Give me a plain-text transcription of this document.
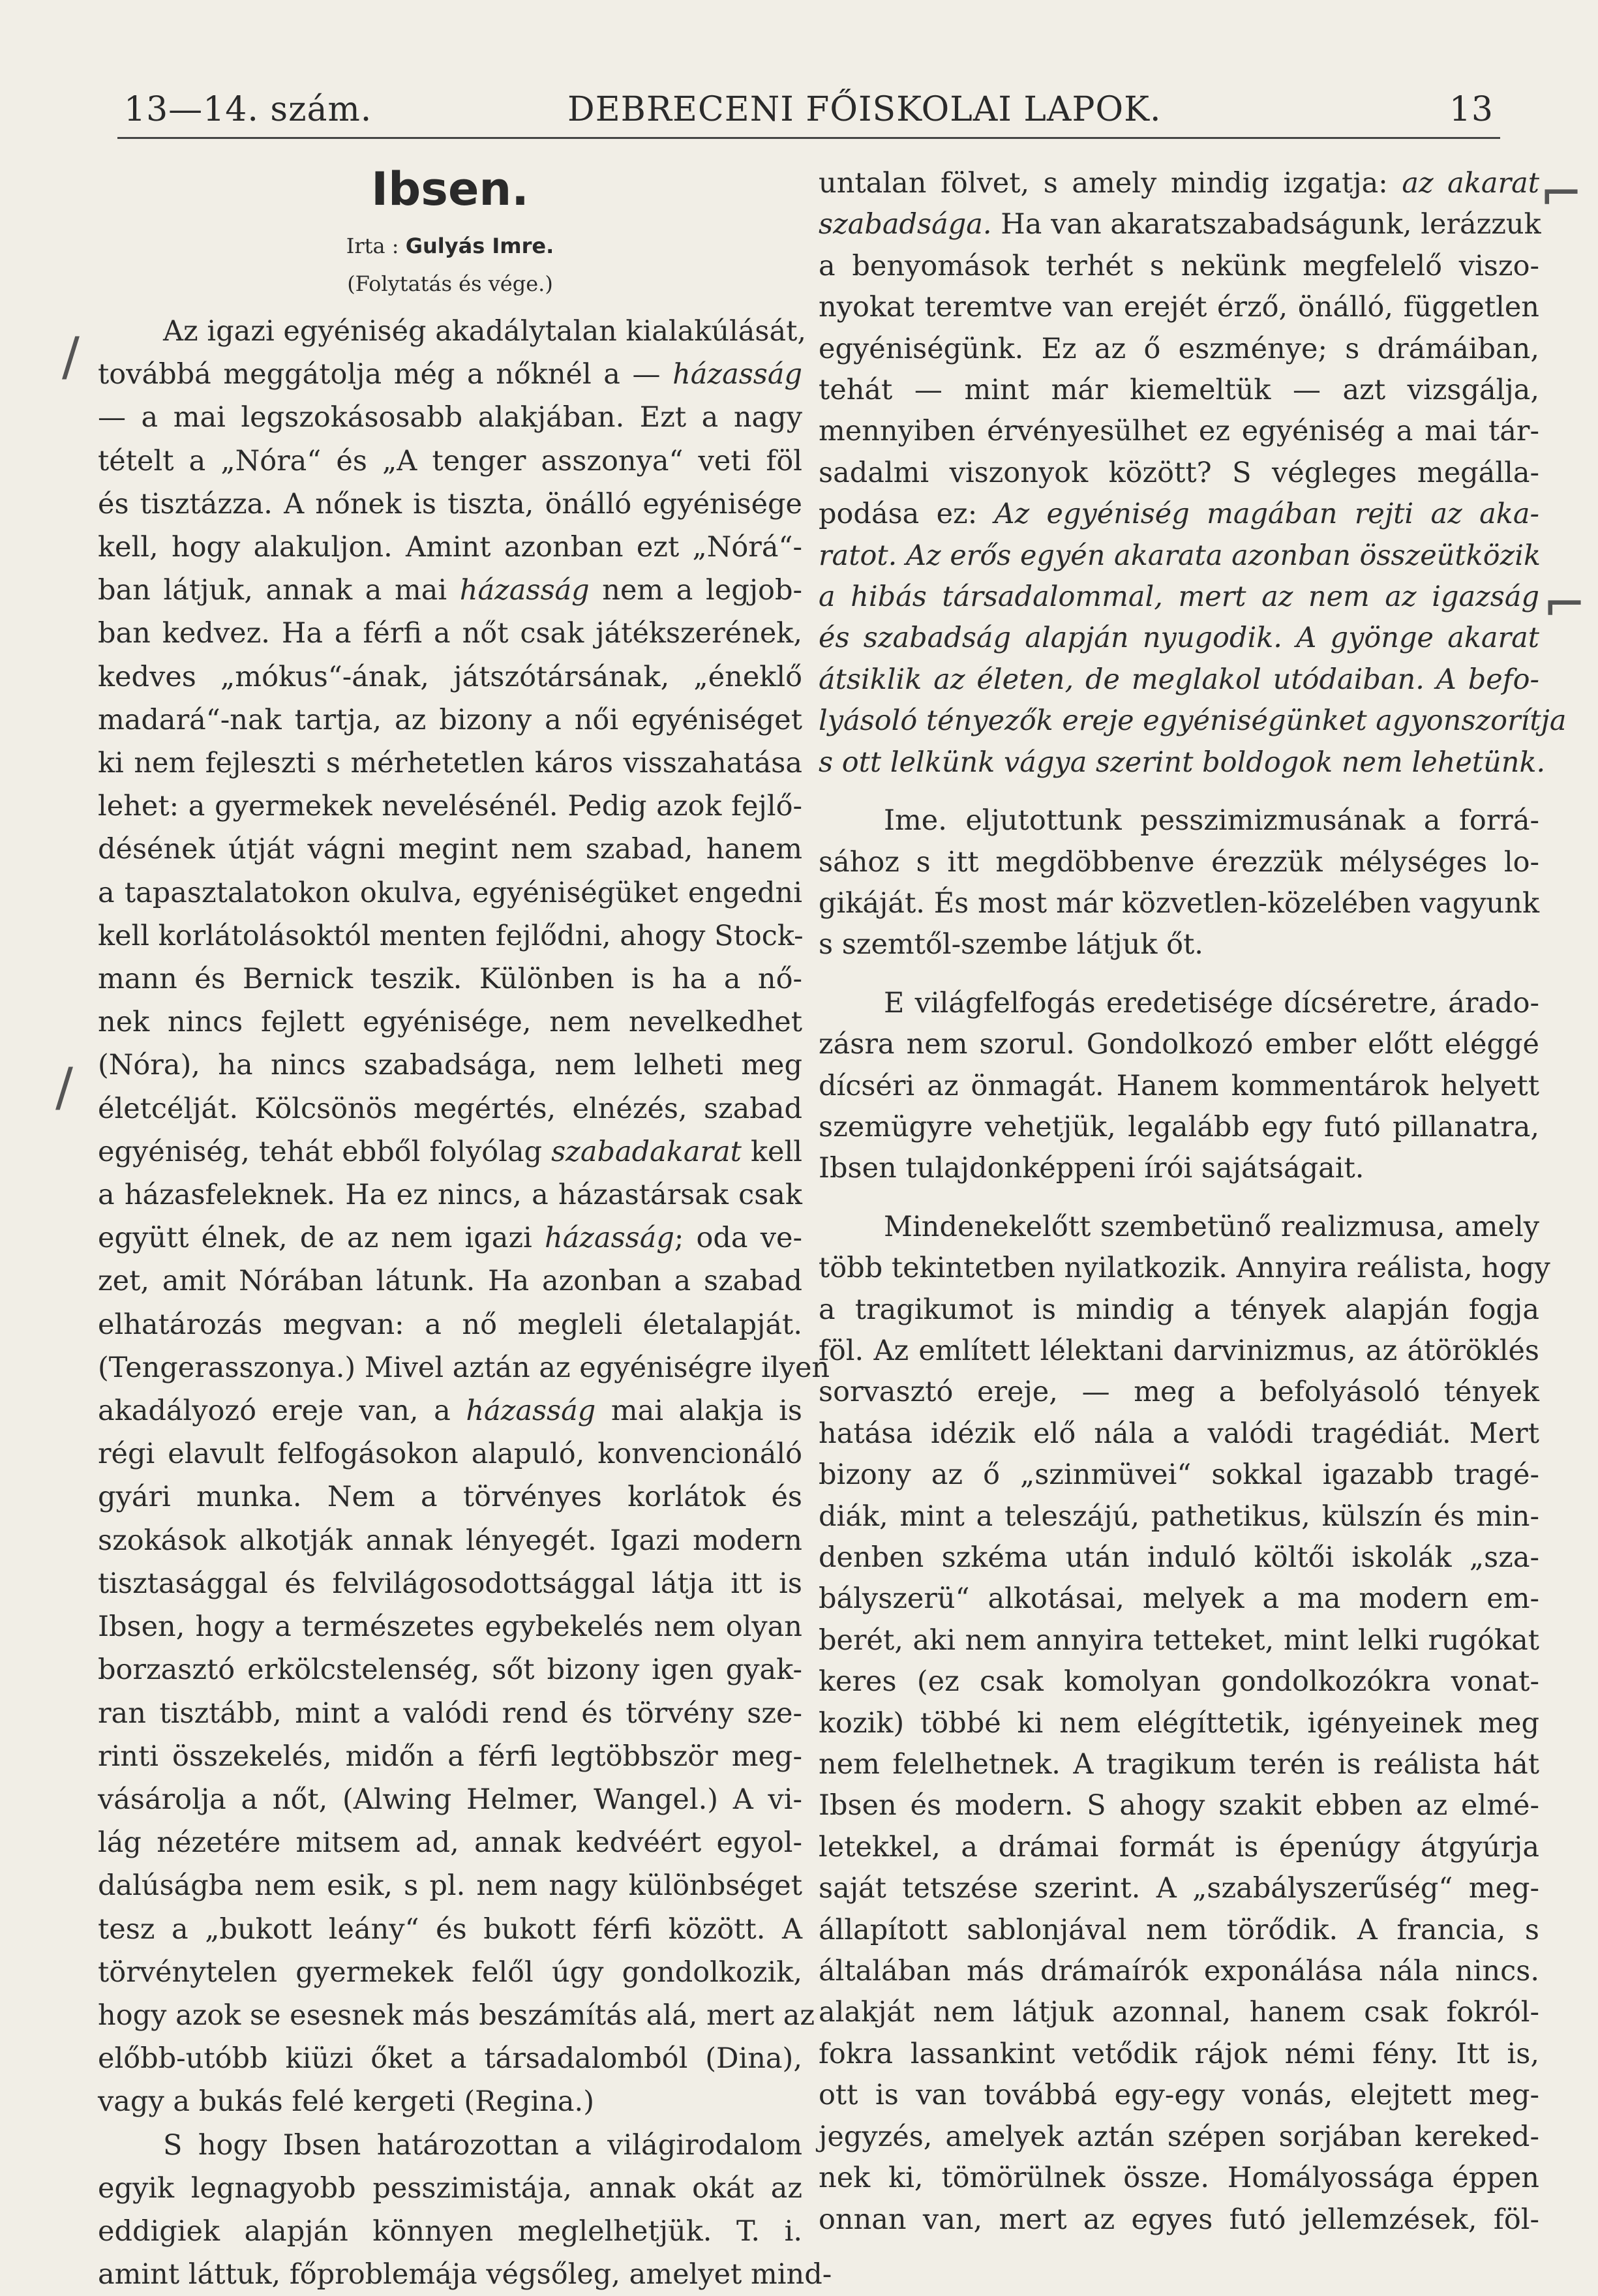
13—14. szám.	DEBRECENI FŐISKOLAI LAPOK.	13
Ibsen.

Irta : Gulyás Imre.

(Folytatás és vége.)

Az igazi egyéniség akadálytalan kialakúlását,
továbbá meggátolja még a nőknél a — házasság
— a mai legszokásosabb alakjában. Ezt a nagy
tételt a „Nóra“ és „A tenger asszonya“ veti föl
és tisztázza. A nőnek is tiszta, önálló egyénisége
kell, hogy alakuljon. Amint azonban ezt „Nórá“-
ban látjuk, annak a mai házasság nem a legjob-
ban kedvez. Ha a férfi a nőt csak játékszerének,
kedves „mókus“-ának, játszótársának, „éneklő
madará“-nak tartja, az bizony a női egyéniséget
ki nem fejleszti s mérhetetlen káros visszahatása
lehet: a gyermekek nevelésénél. Pedig azok fejlő-
désének útját vágni megint nem szabad, hanem
a tapasztalatokon okulva, egyéniségüket engedni
kell korlátolásoktól menten fejlődni, ahogy Stock-
mann és Bernick teszik. Különben is ha a nő-
nek nincs fejlett egyénisége, nem nevelkedhet
(Nóra), ha nincs szabadsága, nem lelheti meg
életcélját. Kölcsönös megértés, elnézés, szabad
egyéniség, tehát ebből folyólag szabadakarat kell
a házasfeleknek. Ha ez nincs, a házastársak csak
együtt élnek, de az nem igazi házasság; oda ve-
zet, amit Nórában látunk. Ha azonban a szabad
elhatározás megvan: a nő megleli életalapját.
(Tengerasszonya.) Mivel aztán az egyéniségre ilyen
akadályozó ereje van, a házasság mai alakja is
régi elavult felfogásokon alapuló, konvencionáló
gyári munka. Nem a törvényes korlátok és
szokások alkotják annak lényegét. Igazi modern
tisztasággal és felvilágosodottsággal látja itt is
Ibsen, hogy a természetes egybekelés nem olyan
borzasztó erkölcstelenség, sőt bizony igen gyak-
ran tisztább, mint a valódi rend és törvény sze-
rinti összekelés, midőn a férfi legtöbbször meg-
vásárolja a nőt, (Alwing Helmer, Wangel.) A vi-
lág nézetére mitsem ad, annak kedvéért egyol-
dalúságba nem esik, s pl. nem nagy különbséget
tesz a „bukott leány“ és bukott férfi között. A
törvénytelen gyermekek felől úgy gondolkozik,
hogy azok se esesnek más beszámítás alá, mert az
előbb-utóbb kiüzi őket a társadalomból (Dina),
vagy a bukás felé kergeti (Regina.)
S hogy Ibsen határozottan a világirodalom
egyik legnagyobb pesszimistája, annak okát az
eddigiek alapján könnyen meglelhetjük. T. i.
amint láttuk, főproblemája végsőleg, amelyet mind-
untalan fölvet, s amely mindig izgatja: az akarat
szabadsága. Ha van akaratszabadságunk, lerázzuk
a benyomások terhét s nekünk megfelelő viszo-
nyokat teremtve van erejét érző, önálló, független
egyéniségünk. Ez az ő eszménye; s drámáiban,
tehát — mint már kiemeltük — azt vizsgálja,
mennyiben érvényesülhet ez egyéniség a mai tár-
sadalmi viszonyok között? S végleges megálla-
podása ez: Az egyéniség magában rejti az aka-
ratot. Az erős egyén akarata azonban összeütközik
a hibás társadalommal, mert az nem az igazság
és szabadság alapján nyugodik. A gyönge akarat
átsiklik az életen, de meglakol utódaiban. A befo-
lyásoló tényezők ereje egyéniségünket agyonszorítja
s ott lelkünk vágya szerint boldogok nem lehetünk.
Ime. eljutottunk pesszimizmusának a forrá-
sához s itt megdöbbenve érezzük mélységes lo-
gikáját. És most már közvetlen-közelében vagyunk
s szemtől-szembe látjuk őt.
E világfelfogás eredetisége dícséretre, árado-
zásra nem szorul. Gondolkozó ember előtt eléggé
dícséri az önmagát. Hanem kommentárok helyett
szemügyre vehetjük, legalább egy futó pillanatra,
Ibsen tulajdonképpeni írói sajátságait.
Mindenekelőtt szembetünő realizmusa, amely
több tekintetben nyilatkozik. Annyira reálista, hogy
a tragikumot is mindig a tények alapján fogja
föl. Az említett lélektani darvinizmus, az átöröklés
sorvasztó ereje, — meg a befolyásoló tények
hatása idézik elő nála a valódi tragédiát. Mert
bizony az ő „szinmüvei“ sokkal igazabb tragé-
diák, mint a teleszájú, pathetikus, külszín és min-
denben szkéma után induló költői iskolák „sza-
bályszerü“ alkotásai, melyek a ma modern em-
berét, aki nem annyira tetteket, mint lelki rugókat
keres (ez csak komolyan gondolkozókra vonat-
kozik) többé ki nem elégíttetik, igényeinek meg
nem felelhetnek. A tragikum terén is reálista hát
Ibsen és modern. S ahogy szakit ebben az elmé-
letekkel, a drámai formát is épenúgy átgyúrja
saját tetszése szerint. A „szabályszerűség“ meg-
állapított sablonjával nem törődik. A francia, s
általában más drámaírók exponálása nála nincs.
alakját nem látjuk azonnal, hanem csak fokról-
fokra lassankint vetődik rájok némi fény. Itt is,
ott is van továbbá egy-egy vonás, elejtett meg-
jegyzés, amelyek aztán szépen sorjában kereked-
nek ki, tömörülnek össze. Homályossága éppen
onnan van, mert az egyes futó jellemzések, föl-
/
/
⌐
⌐
